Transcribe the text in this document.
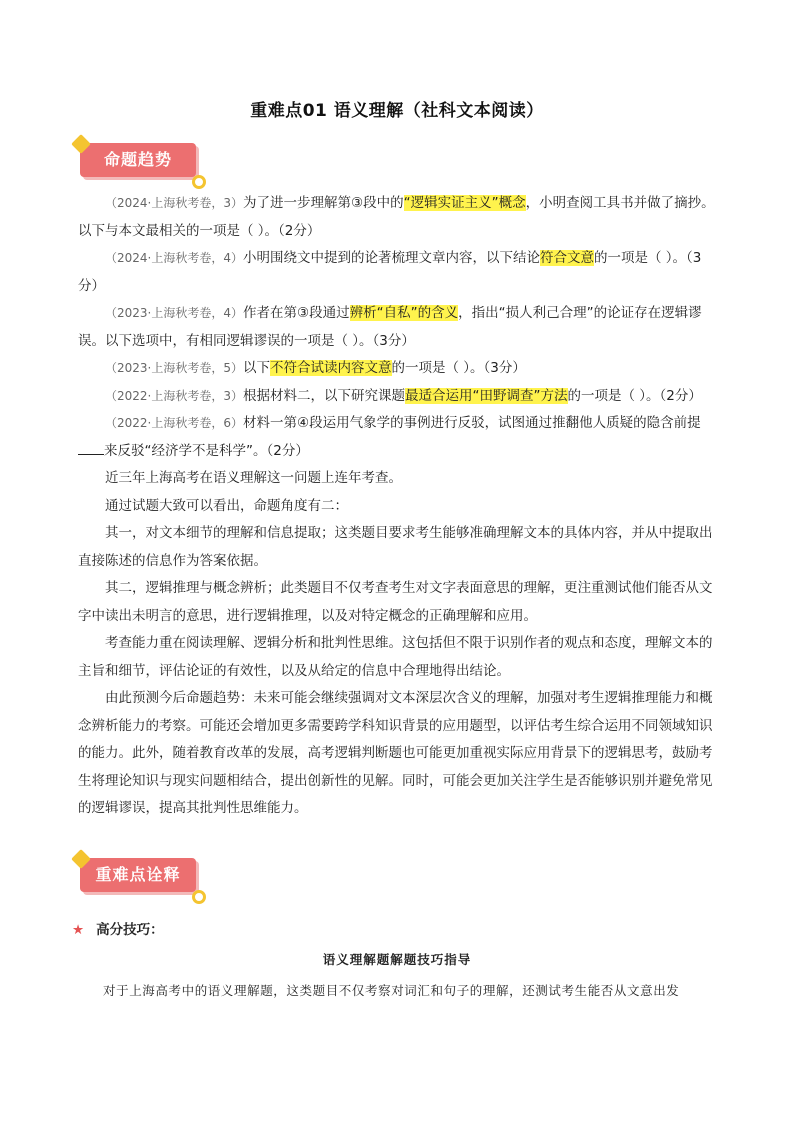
重难点01 语义理解（社科文本阅读）
命题趋势

（2024·上海秋考卷，3）为了进一步理解第③段中的“逻辑实证主义”概念，小明查阅工具书并做了摘抄。以下与本文最相关的一项是（ ）。（2分）

（2024·上海秋考卷，4）小明围绕文中提到的论著梳理文章内容，以下结论符合文意的一项是（ ）。（3分）

（2023·上海秋考卷，4）作者在第③段通过辨析“自私”的含义，指出“损人利己合理”的论证存在逻辑谬误。以下选项中，有相同逻辑谬误的一项是（ ）。（3分）

（2023·上海秋考卷，5）以下不符合试读内容文意的一项是（ ）。（3分）

（2022·上海秋考卷，3）根据材料二，以下研究课题最适合运用“田野调查”方法的一项是（ ）。（2分）

（2022·上海秋考卷，6）材料一第④段运用气象学的事例进行反驳，试图通过推翻他人质疑的隐含前提来反驳“经济学不是科学”。（2分）

近三年上海高考在语义理解这一问题上连年考查。

通过试题大致可以看出，命题角度有二：

其一，对文本细节的理解和信息提取；这类题目要求考生能够准确理解文本的具体内容，并从中提取出直接陈述的信息作为答案依据。

其二，逻辑推理与概念辨析；此类题目不仅考查考生对文字表面意思的理解，更注重测试他们能否从文字中读出未明言的意思，进行逻辑推理，以及对特定概念的正确理解和应用。

考查能力重在阅读理解、逻辑分析和批判性思维。这包括但不限于识别作者的观点和态度，理解文本的主旨和细节，评估论证的有效性，以及从给定的信息中合理地得出结论。

由此预测今后命题趋势：未来可能会继续强调对文本深层次含义的理解，加强对考生逻辑推理能力和概念辨析能力的考察。可能还会增加更多需要跨学科知识背景的应用题型，以评估考生综合运用不同领域知识的能力。此外，随着教育改革的发展，高考逻辑判断题也可能更加重视实际应用背景下的逻辑思考，鼓励考生将理论知识与现实问题相结合，提出创新性的见解。同时，可能会更加关注学生是否能够识别并避免常见的逻辑谬误，提高其批判性思维能力。

重难点诠释
★ 高分技巧：
语义理解题解题技巧指导
对于上海高考中的语义理解题，这类题目不仅考察对词汇和句子的理解，还测试考生能否从文意出发
